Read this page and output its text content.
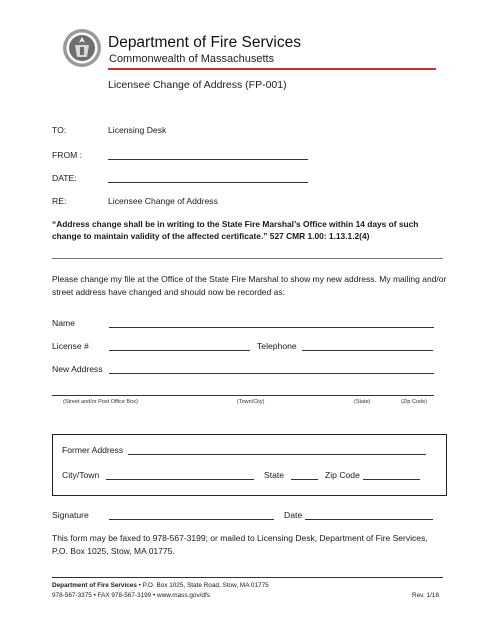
Department of Fire Services
Commonwealth of Massachusetts
Licensee Change of Address (FP-001)
TO:	Licensing Desk
FROM :
DATE:
RE:	Licensee Change of Address
“Address change shall be in writing to the State Fire Marshal’s Office within 14 days of such change to maintain validity of the affected certificate.” 527 CMR 1.00: 1.13.1.2(4)
Please change my file at the Office of the State Fire Marshal to show my new address. My mailing and/or street address have changed and should now be recorded as:
Name
License #	Telephone
New Address
(Street and/or Post Office Box)	(Town/City)	(State)	(Zip Code)
Former Address
City/Town	State	Zip Code
Signature	Date
This form may be faxed to 978-567-3199; or mailed to Licensing Desk, Department of Fire Services, P.O. Box 1025, Stow, MA 01775.
Department of Fire Services • P.O. Box 1025, State Road, Stow, MA 01775
978-567-3375 • FAX 978-567-3199 • www.mass.gov/dfs	Rev. 1/18
